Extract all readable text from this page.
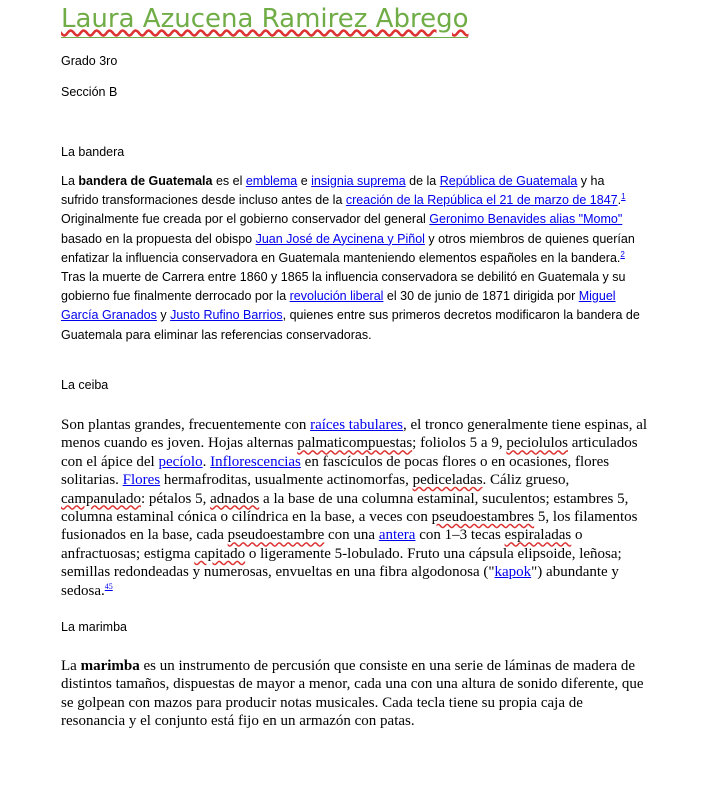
Laura Azucena Ramirez Abrego
Grado 3ro
Sección B
La bandera

La bandera de Guatemala es el emblema e insignia suprema de la República de Guatemala y ha sufrido transformaciones desde incluso antes de la creación de la República el 21 de marzo de 1847.$^1$ Originalmente fue creada por el gobierno conservador del general Geronimo Benavides alias "Momo" basado en la propuesta del obispo Juan José de Aycinena y Piñol y otros miembros de quienes querían enfatizar la influencia conservadora en Guatemala manteniendo elementos españoles en la bandera.$^2$ Tras la muerte de Carrera entre 1860 y 1865 la influencia conservadora se debilitó en Guatemala y su gobierno fue finalmente derrocado por la revolución liberal el 30 de junio de 1871 dirigida por Miguel García Granados y Justo Rufino Barrios, quienes entre sus primeros decretos modificaron la bandera de Guatemala para eliminar las referencias conservadoras.

La ceiba

Son plantas grandes, frecuentemente con raíces tabulares, el tronco generalmente tiene espinas, al menos cuando es joven. Hojas alternas palmaticompuestas; foliolos 5 a 9, peciolulos articulados con el ápice del pecíolo. Inflorescencias en fascículos de pocas flores o en ocasiones, flores solitarias. Flores hermafroditas, usualmente actinomorfas, pediceladas. Cáliz grueso, campanulado: pétalos 5, adnados a la base de una columna estaminal, suculentos; estambres 5, columna estaminal cónica o cilíndrica en la base, a veces con pseudoestambres 5, los filamentos fusionados en la base, cada pseudoestambre con una antera con 1–3 tecas espiraladas o anfractuosas; estigma capitado o ligeramente 5-lobulado. Fruto una cápsula elipsoide, leñosa; semillas redondeadas y numerosas, envueltas en una fibra algodonosa ("kapok") abundante y sedosa.$^{45}$

La marimba

La marimba es un instrumento de percusión que consiste en una serie de láminas de madera de distintos tamaños, dispuestas de mayor a menor, cada una con una altura de sonido diferente, que se golpean con mazos para producir notas musicales. Cada tecla tiene su propia caja de resonancia y el conjunto está fijo en un armazón con patas.
